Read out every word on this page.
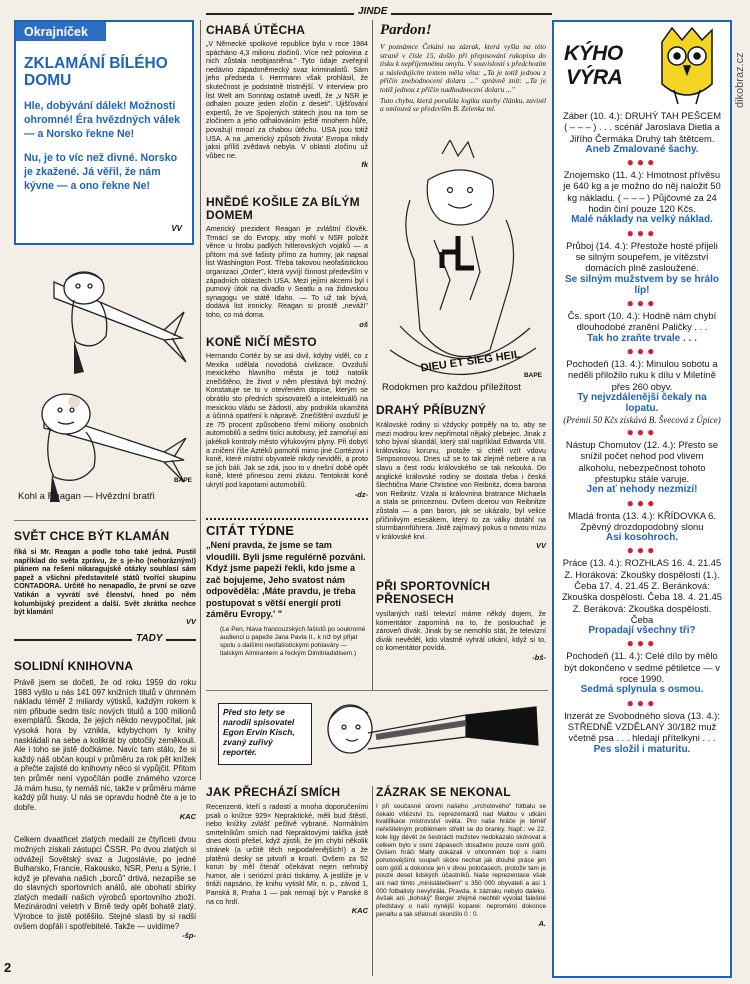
dikobraz.cz
Okrajníček
ZKLAMÁNÍ BÍLÉHO DOMU
Hle, dobývání dálek! Možnosti ohromné! Éra hvězdných válek — a Norsko řekne Ne!
Nu, je to víc než divné. Norsko je zkažené. Já věřil, že nám kývne — a ono řekne Ne!
VV
BAPE
Kohl a Reagan — Hvězdní bratři
SVĚT CHCE BÝT KLAMÁN
říká si Mr. Reagan a podle toho také jedná. Pustil například do světa zprávu, že s je-ho (nehorázným!) plánem na řešení nikaragujské otázky souhlasí sám papež a všichni představitelé států tvořící skupinu CONTADORA. Určitě ho nenapadlo, že první se ozve Vatikán a vyvrátí své členství, hned po něm kolumbijský prezident a další. Svět zkrátka nechce být klamán!
VV
TADY
SOLIDNÍ KNIHOVNA
Právě jsem se dočetl, že od roku 1959 do roku 1983 vyšlo u nás 141 097 knižních titulů v úhrnném nákladu téměř 2 miliardy výtisků, každým rokem k nim přibude sedm tisíc nových titulů a 100 milionů exemplářů. Škoda, že jejich někdo nevypočítal, jak vysoká hora by vznikla, kdybychom ty knihy naskládali na sebe a kolikrát by obtočily zeměkouli. Ale i toho se jistě dočkáme. Navíc tam stálo, že si každý náš občan koupí v průměru za rok pět knížek a přečte zajisté do knihovny něco si vypůjčit. Přitom ten průměr není vypočítán podle známého vzorce Já mám husu, ty nemáš nic, takže v průměru máme každý půl husy. U nás se opravdu hodně čte a je to dobře.
KAC
Celkem dvaatřicet zlatých medailí ze čtyřiceti dvou možných získali zástupci ČSSR. Po dvou zlatých si odvážejí Sovětský svaz a Jugoslávie, po jedné Bulharsko, Francie, Rakousko, NSR, Peru a Sýrie. I když je převaha našich „borců" drtivá, nezapíše se do slavných sportovních análů, ale obohatí sbírky zlatých medailí našich výrobců sportovního zboží. Mezinárodní veletrh v Brně tedy opět bohatě zlatý. Výrobce to jistě potěšilo. Stejné slasti by si radši ovšem dopřáli i spotřebitelé. Takže — uvidíme?
-šp-
2
JINDE
CHABÁ ÚTĚCHA
„V Německé spolkové republice bylo v roce 1984 spácháno 4,3 milionu zločinů. Více než polovina z nich zůstala neobjasněna." Tyto údaje zveřejnil nedávno západoněmecký svaz kriminalistů. Sám jeho předseda I. Herrmann však prohlásil, že skutečnost je podstatně tristnější. V interview pro list Welt am Sonntag ostatně uvedl, že „v NSR je odhalen pouze jeden zločin z deseti". Ujišťování expertů, že ve Spojených státech jsou na tom se zločinem a jeho odhalováním ještě mnohem hůře, považují mnozí za chabou útěchu. USA jsou totiž USA. A na „americký způsob života' Evropa nikdy jaksi příliš zvědavá nebyla. V oblasti zločinu už vůbec ne.
fk
HNĚDÉ KOŠILE ZA BÍLÝM DOMEM
Americký prezident Reagan je zvláštní člověk. Trmácí se do Evropy, aby mohl v NSR položit věnce u hrobu padlých hitlerovských vojáků — a přitom má své fašisty přímo za humny, jak napsal list Washington Post. Třeba takovou neofašistickou organizaci „Order", která vyvíjí činnost především v západních oblastech USA. Mezi jejími akcemi byl i pumový útok na divadlo v Seatlu a na židovskou synagogu ve státě Idaho. — To už tak bývá, dodává list ironicky. Reagan si prostě „neváží" toho, co má doma.
oš
KONĚ NIČÍ MĚSTO
Hernando Cortéz by se asi divil, kdyby viděl, co z Mexika udělala novodobá civilizace. Ovzduší mexického hlavního města je totiž natolik znečištěno, že život v něm přestává být možný. Konstatuje se to v otevřeném dopise, kterým se obrátilo sto předních spisovatelů a intelektuálů na mexickou vládu se žádostí, aby podnikla okamžitá a účinná opatření k nápravě. Znečištění ovzduší je ze 75 procent způsobeno třemi miliony osobních automobilů a sedmi tisíci autobusy, jež zamořují asi jakékoli kontroly město výfukovými plyny. Při dobytí a zničení říše Aztéků pomohli mimo jiné Cortézovi i koně, které místní obyvatelé nikdy neviděli, a proto se jich báli. Jak se zdá, jsou to v dnešní době opět koně, které přinesou zemi zkázu. Tentokrát koně ukrytí pod kapotami automobilů.
-dz-
CITÁT TÝDNE
„Není pravda, že jsme se tam vloudili. Byli jsme regulérně pozváni. Když jsme papeži řekli, kdo jsme a zač bojujeme, Jeho svatost nám odpověděla: ,Máte pravdu, je třeba postupovat s větší energií proti záměru Evropy.' "
(Le Pen, hlava francouzských fašistů po soukromé audienci u papeže Jana Pavla II., k níž byl přijat spolu s dalšími neofašistickými pohlaváry — italským Almirantem a řeckým Dimitriadidisem.)
Pardon!
V poznámce Čekání na zázrak, která vyšla na této straně v čísle 15, došlo při přepisování rukopisu do tisku k nepříjemnému omylu. V souvislosti s předchozím a následujícím textem měla věta: „Ta je totiž jednou z příčin znehodnocení dolaru ..." správně znít: „Ta je totiž jednou z příčin nadhodnocení dolaru ..."
Tuto chybu, která porušila logiku stavby článku, zavinil a omlouvá se především B. Zelenka ml.
DIEU ET SIEG HEIL
BAPE
Rodokmen pro každou příležitost
DRAHÝ PŘÍBUZNÝ
Královské rodiny si vždycky potrpěly na to, aby se mezi modrou krev nepřimotal nějaký plebejec. Jinak z toho bývaí skandál, který stál například Edwarda VIII. královskou korunu, protože si chtěl vzít vdovu Simpsonovou. Dnes už se to tak zlejmě nebere a na slavu a čest rodu královského se tak nekouká. Do anglické královské rodiny se dostala třeba i česká šlechtična Marie Christine von Reibnitz, dcera barona von Reibnitz. Vzala si královnina bratrance Michaela a stala se princeznou. Ovšem dcerou von Reibnitze zůstala — a pan baron, jak se ukázalo, byl velice příčinlivým esesákem, který to za války dotáhl na sturmbannführera. Jistě zajímavý pokus o novou mízu v královské krvi.
VV
PŘI SPORTOVNÍCH PŘENOSECH
vysílaných naší televizí máme někdy dojem, že komentátor zapomíná na to, že poslouchač je zároveň divák. Jinak by se nemohlo stát, že televizní divák nevěděl, kdo vlastně vyhrál utkání, když si to, co komentátor povídá.
-bš-
Před sto lety se narodil spisovatel Egon Ervín Kisch, zvaný zuřivý reportér.
JAK PŘECHÁZÍ SMÍCH
Recenzenti, kteří s radostí a mnoha doporučeními psali o knížce 929× Nepraktické, měli bud štěstí, nebo knížky zvlášť pečlivě vybrané. Normálním smrtelníkům smích nad Nepraktovými takřka jistě dnes dosti přešel, když zjistili, že jim chybí několik stránek (a určitě těch nejpodařenějších!) a že platěnú desky se pitvoří a kroutí. Ovšem za 52 korun by měl čtenář očekávat nejen nehrubý humor, ale i seriózní práci tiskárny. A jestliže je v tiráži napsáno, že knihu vytiskl Mír, n. p., závod 1, Panská 8, Praha 1 — pak nemají být v Panské 8 na co hrdí.
KAC
ZÁZRAK SE NEKONAL
I při současné úrovni našeho „vrcholového" fotbalu se čekalo vítězství čs. reprezentantů nad Maltou v utkání kvalifikace mistrovství světa. Pro naše hráče je téměř neřešitelným problémem střelit se do branky. Např.: ve 22. kole ligy dévět ze šestnácti mužstev nedokázalo skórovat a celkem bylo v osmi zápasech dosaženo pouze osmi gólů. Ovšem hráči Malty dokázali v ohromném boji s námi pohotovějšími soupeři skóre nechat jak dlouhé práce jen osm gólů a dokonce jen v dvou poločasech, protože tam je pouze deset lidských účastníků. Naše reprezentace však ani nad tímto „ministátečkem" s 350 000 obyvateli a asi 1 000 fotbalisty nevyhrála. Pravda, k zázraku nebylo daleko. Avšak ani „bohský" Berger zřejmě nechtěl vyvolat falešné představy o naší nynější kopané: nepromění dokonce penaltu a tak střetnutí skončilo 0 : 0.
A.
KÝHO
VÝRA
Záber (10. 4.): DRUHÝ TAH PEŠCEM ( – – – ) . . . scénář Jaroslava Dietla a Jiřího Čermáka Druhý tah štětcem.
Aneb Zmalované šachy.
●●●
Znojemsko (11. 4.): Hmotnost přívěsu je 640 kg a je možno do něj naložit 50 kg nákladu. ( – – – ) Půjčovné za 24 hodin činí pouze 120 Kčs.
Malé náklady na velký náklad.
●●●
Průboj (14. 4.): Přestože hosté přijeli se silným soupeřem, je vítězství domácích plně zasloužené.
Se silným mužstvem by se hrálo líp!
●●●
Čs. sport (10. 4.): Hodně nám chybí dlouhodobé zranění Paličky . . .
Tak ho zraňte trvale . . .
●●●
Pochodeň (13. 4.): Minulou sobotu a neděli přiložilo ruku k dílu v Miletíně přes 260 obyv.
Ty nejvzdálenější čekaly na lopatu.
(Prémii 50 Kčs získává B. Švecová z Úpice)
●●●
Nástup Chomutov (12. 4.): Přesto se snížil počet nehod pod vlivem alkoholu, nebezpečnost tohoto přestupku stále varuje.
Jen ať nehody nezmizí!
●●●
Mladá fronta (13. 4.): KŘÍDOVKA 6. Zpěvný drozdopodobný slonu
Asi kosohroch.
●●●
Práce (13. 4.): ROZHLAS 16. 4. 21.45 Z. Horáková: Zkoušky dospělosti (1.). Čeba 17. 4. 21.45 Z. Beránková: Zkouška dospělosti. Čeba 18. 4. 21.45 Z. Beráková: Zkouška dospělosti. Čeba
Propadají všechny tři?
●●●
Pochodeň (11. 4.): Celé dílo by mělo být dokončeno v sedmé pětiletce — v roce 1990.
Sedmá splynula s osmou.
●●●
Inzerát ze Svobodného slova (13. 4.): STŘEDNĚ VZDĚLANÝ 30/182 muž včetně psa . . . hledají přítelkyni . . .
Pes složil i maturitu.
